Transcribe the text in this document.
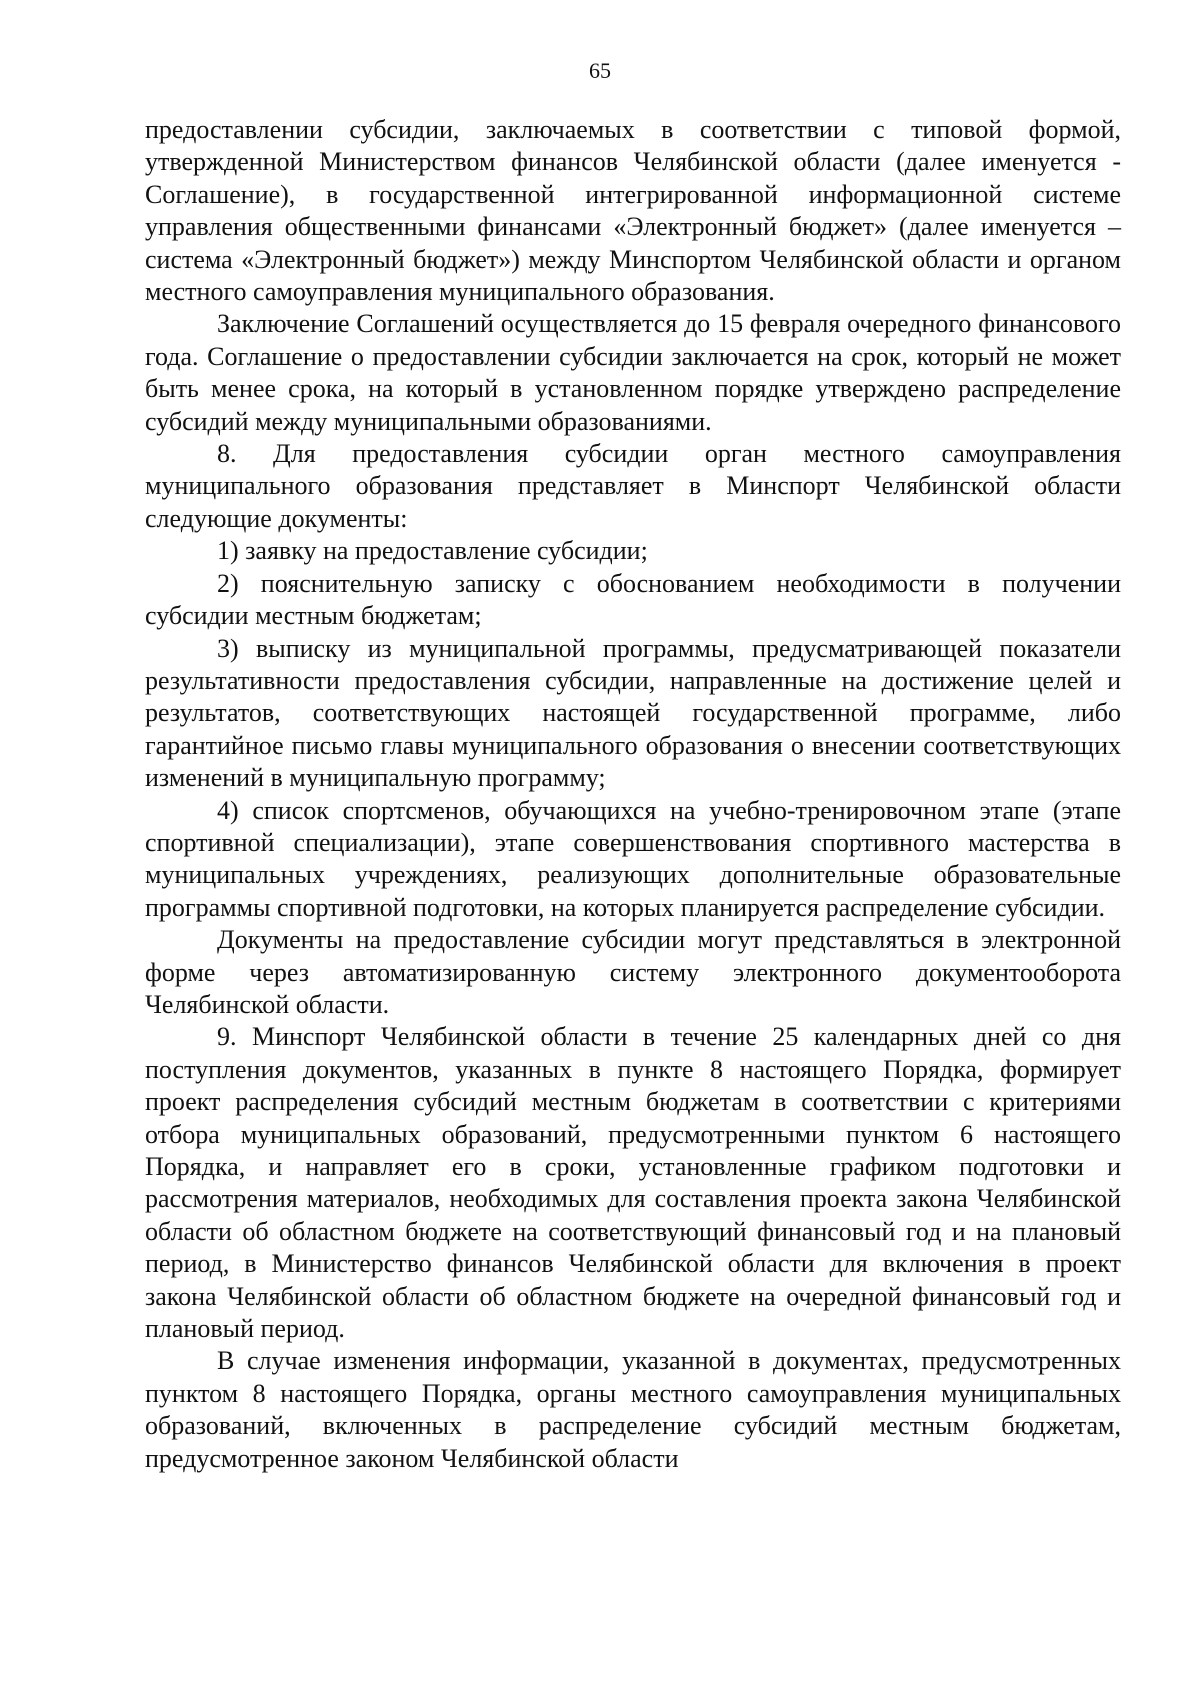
65

предоставлении субсидии, заключаемых в соответствии с типовой формой, утвержденной Министерством финансов Челябинской области (далее именуется - Соглашение), в государственной интегрированной информационной системе управления общественными финансами «Электронный бюджет» (далее именуется – система «Электронный бюджет») между Минспортом Челябинской области и органом местного самоуправления муниципального образования.

Заключение Соглашений осуществляется до 15 февраля очередного финансового года. Соглашение о предоставлении субсидии заключается на срок, который не может быть менее срока, на который в установленном порядке утверждено распределение субсидий между муниципальными образованиями.

8. Для предоставления субсидии орган местного самоуправления муниципального образования представляет в Минспорт Челябинской области следующие документы:

1) заявку на предоставление субсидии;

2) пояснительную записку с обоснованием необходимости в получении субсидии местным бюджетам;

3) выписку из муниципальной программы, предусматривающей показатели результативности предоставления субсидии, направленные на достижение целей и результатов, соответствующих настоящей государственной программе, либо гарантийное письмо главы муниципального образования о внесении соответствующих изменений в муниципальную программу;

4) список спортсменов, обучающихся на учебно-тренировочном этапе (этапе спортивной специализации), этапе совершенствования спортивного мастерства в муниципальных учреждениях, реализующих дополнительные образовательные программы спортивной подготовки, на которых планируется распределение субсидии.

Документы на предоставление субсидии могут представляться в электронной форме через автоматизированную систему электронного документооборота Челябинской области.

9. Минспорт Челябинской области в течение 25 календарных дней со дня поступления документов, указанных в пункте 8 настоящего Порядка, формирует проект распределения субсидий местным бюджетам в соответствии с критериями отбора муниципальных образований, предусмотренными пунктом 6 настоящего Порядка, и направляет его в сроки, установленные графиком подготовки и рассмотрения материалов, необходимых для составления проекта закона Челябинской области об областном бюджете на соответствующий финансовый год и на плановый период, в Министерство финансов Челябинской области для включения в проект закона Челябинской области об областном бюджете на очередной финансовый год и плановый период.

В случае изменения информации, указанной в документах, предусмотренных пунктом 8 настоящего Порядка, органы местного самоуправления муниципальных образований, включенных в распределение субсидий местным бюджетам, предусмотренное законом Челябинской области
